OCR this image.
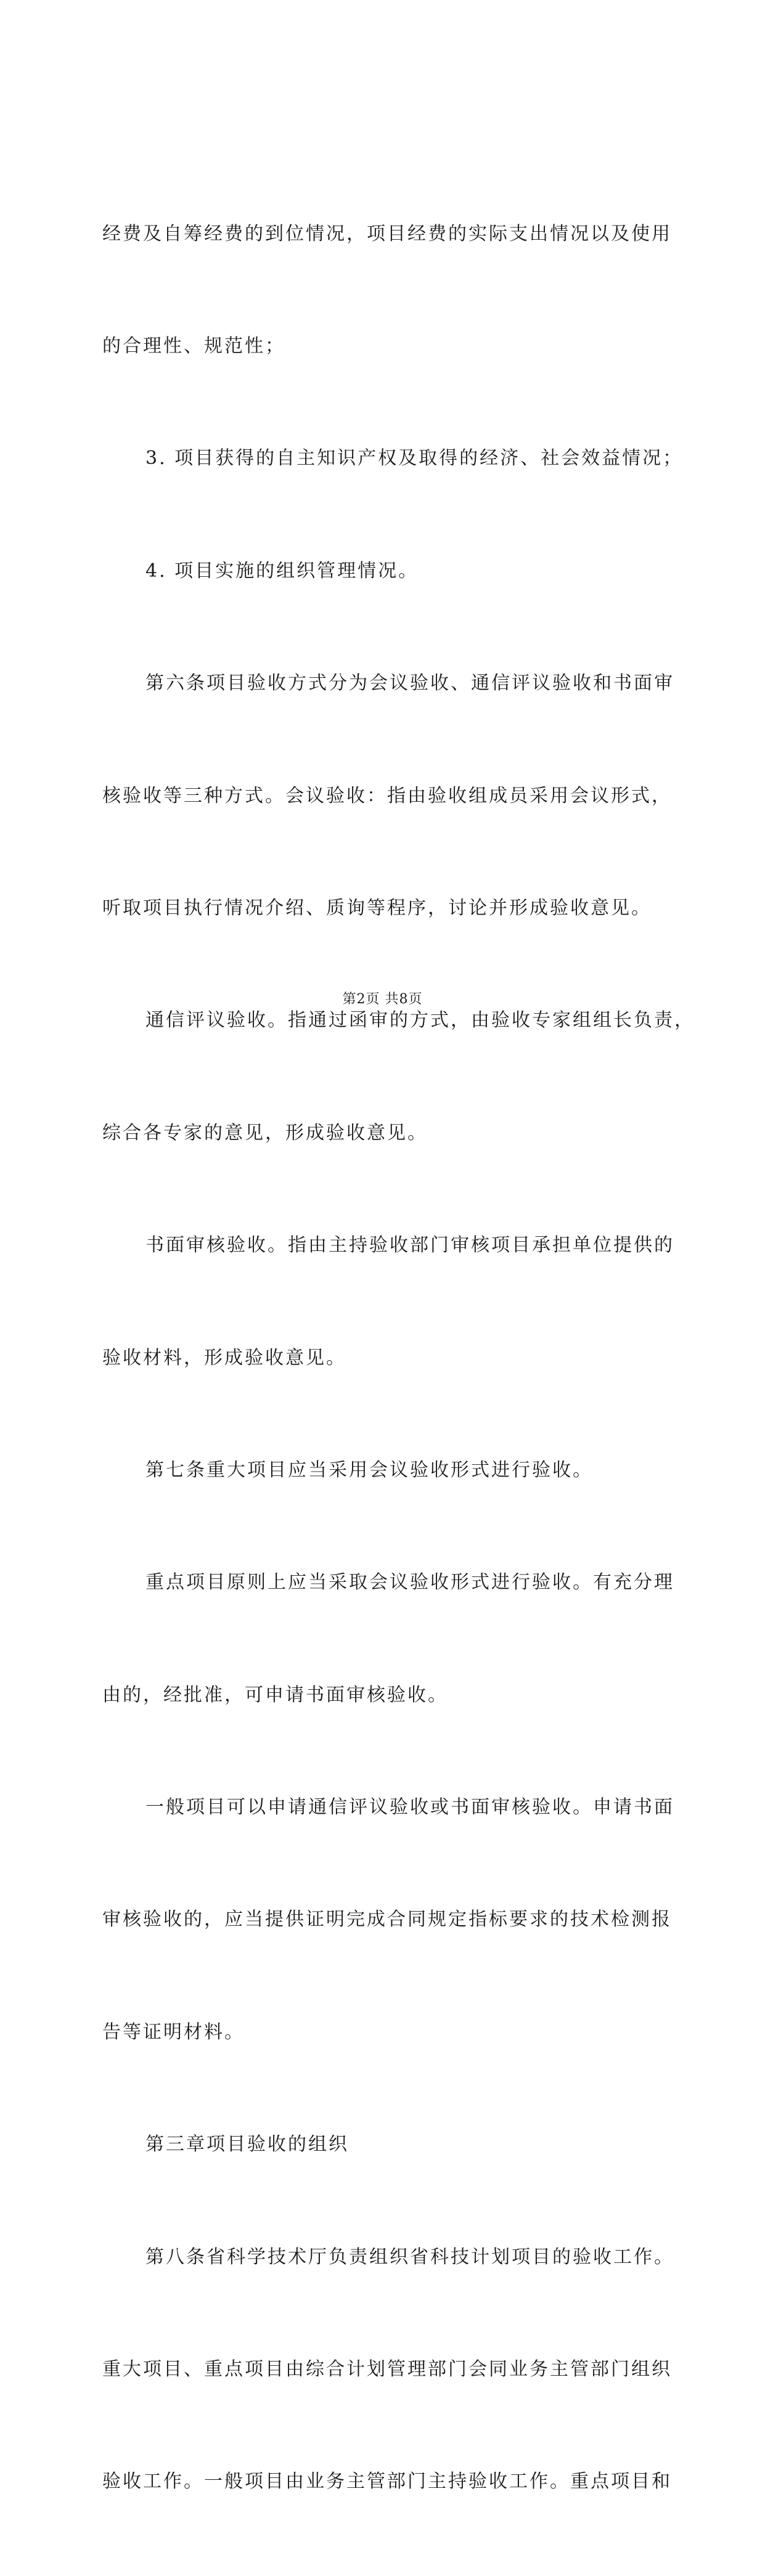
经费及自筹经费的到位情况，项目经费的实际支出情况以及使用

的合理性、规范性；

3. 项目获得的自主知识产权及取得的经济、社会效益情况；

4. 项目实施的组织管理情况。

第六条项目验收方式分为会议验收、通信评议验收和书面审

核验收等三种方式。会议验收：指由验收组成员采用会议形式，

听取项目执行情况介绍、质询等程序，讨论并形成验收意见。

通信评议验收。指通过函审的方式，由验收专家组组长负责，

综合各专家的意见，形成验收意见。

书面审核验收。指由主持验收部门审核项目承担单位提供的

验收材料，形成验收意见。

第七条重大项目应当采用会议验收形式进行验收。

重点项目原则上应当采取会议验收形式进行验收。有充分理

由的，经批准，可申请书面审核验收。

一般项目可以申请通信评议验收或书面审核验收。申请书面

审核验收的，应当提供证明完成合同规定指标要求的技术检测报

告等证明材料。

第三章项目验收的组织

第八条省科学技术厅负责组织省科技计划项目的验收工作。

重大项目、重点项目由综合计划管理部门会同业务主管部门组织

验收工作。一般项目由业务主管部门主持验收工作。重点项目和

第2页 共8页
